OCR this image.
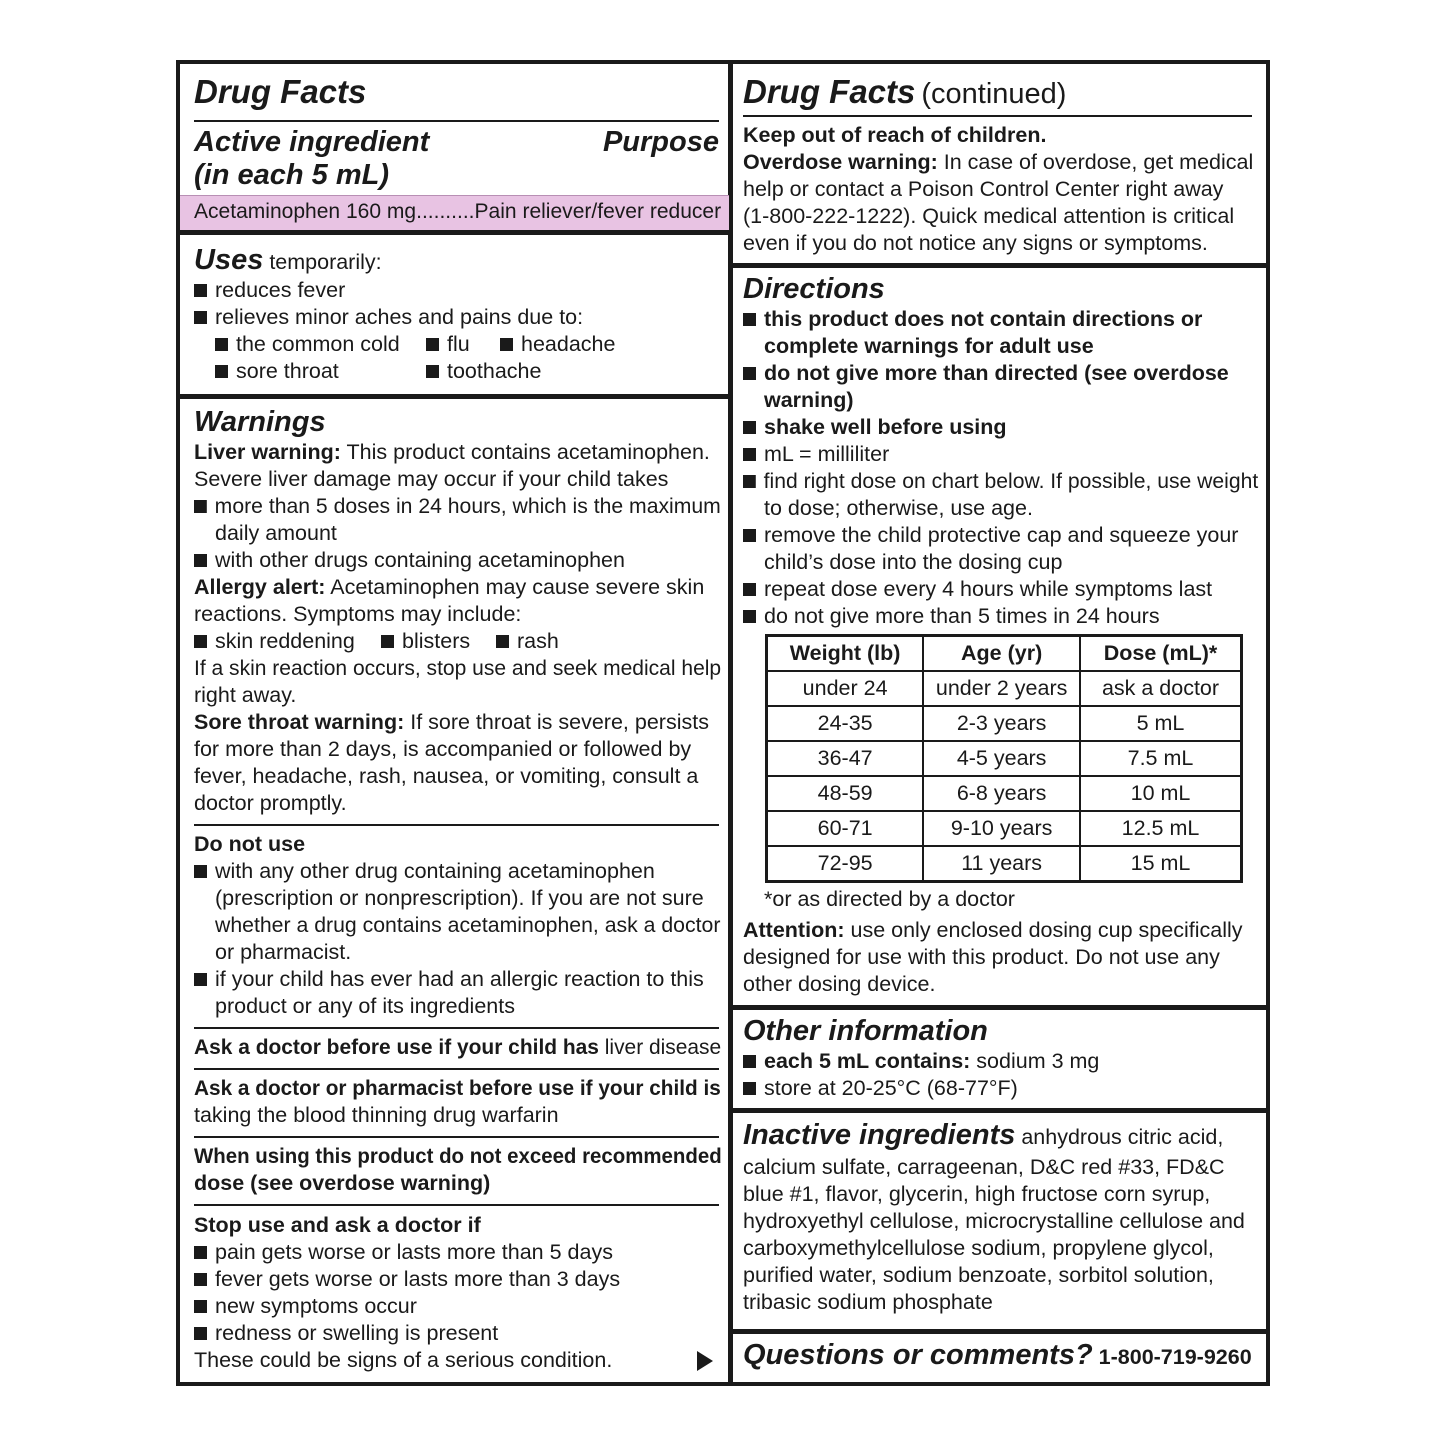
Drug Facts
Active ingredient
(in each 5 mL)
Purpose
Acetaminophen 160 mg..........Pain reliever/fever reducer
Uses temporarily:
reduces fever
relieves minor aches and pains due to:
the common cold	flu	headache
sore throat	toothache
Warnings
Liver warning: This product contains acetaminophen.
Severe liver damage may occur if your child takes
more than 5 doses in 24 hours, which is the maximum
daily amount
with other drugs containing acetaminophen
Allergy alert: Acetaminophen may cause severe skin
reactions. Symptoms may include:
skin reddening	blisters	rash
If a skin reaction occurs, stop use and seek medical help
right away.
Sore throat warning: If sore throat is severe, persists
for more than 2 days, is accompanied or followed by
fever, headache, rash, nausea, or vomiting, consult a
doctor promptly.
Do not use
with any other drug containing acetaminophen
(prescription or nonprescription). If you are not sure
whether a drug contains acetaminophen, ask a doctor
or pharmacist.
if your child has ever had an allergic reaction to this
product or any of its ingredients
Ask a doctor before use if your child has liver disease
Ask a doctor or pharmacist before use if your child is
taking the blood thinning drug warfarin
When using this product do not exceed recommended
dose (see overdose warning)
Stop use and ask a doctor if
pain gets worse or lasts more than 5 days
fever gets worse or lasts more than 3 days
new symptoms occur
redness or swelling is present
These could be signs of a serious condition.
Drug Facts (continued)
Keep out of reach of children.
Overdose warning: In case of overdose, get medical
help or contact a Poison Control Center right away
(1-800-222-1222). Quick medical attention is critical
even if you do not notice any signs or symptoms.
Directions
this product does not contain directions or
complete warnings for adult use
do not give more than directed (see overdose
warning)
shake well before using
mL = milliliter
find right dose on chart below. If possible, use weight
to dose; otherwise, use age.
remove the child protective cap and squeeze your
child’s dose into the dosing cup
repeat dose every 4 hours while symptoms last
do not give more than 5 times in 24 hours
Weight (lb)	Age (yr)	Dose (mL)*
under 24	under 2 years	ask a doctor
24-35	2-3 years	5 mL
36-47	4-5 years	7.5 mL
48-59	6-8 years	10 mL
60-71	9-10 years	12.5 mL
72-95	11 years	15 mL
*or as directed by a doctor
Attention: use only enclosed dosing cup specifically
designed for use with this product. Do not use any
other dosing device.
Other information
each 5 mL contains: sodium 3 mg
store at 20-25°C (68-77°F)
Inactive ingredients anhydrous citric acid,
calcium sulfate, carrageenan, D&C red #33, FD&C
blue #1, flavor, glycerin, high fructose corn syrup,
hydroxyethyl cellulose, microcrystalline cellulose and
carboxymethylcellulose sodium, propylene glycol,
purified water, sodium benzoate, sorbitol solution,
tribasic sodium phosphate
Questions or comments? 1-800-719-9260
